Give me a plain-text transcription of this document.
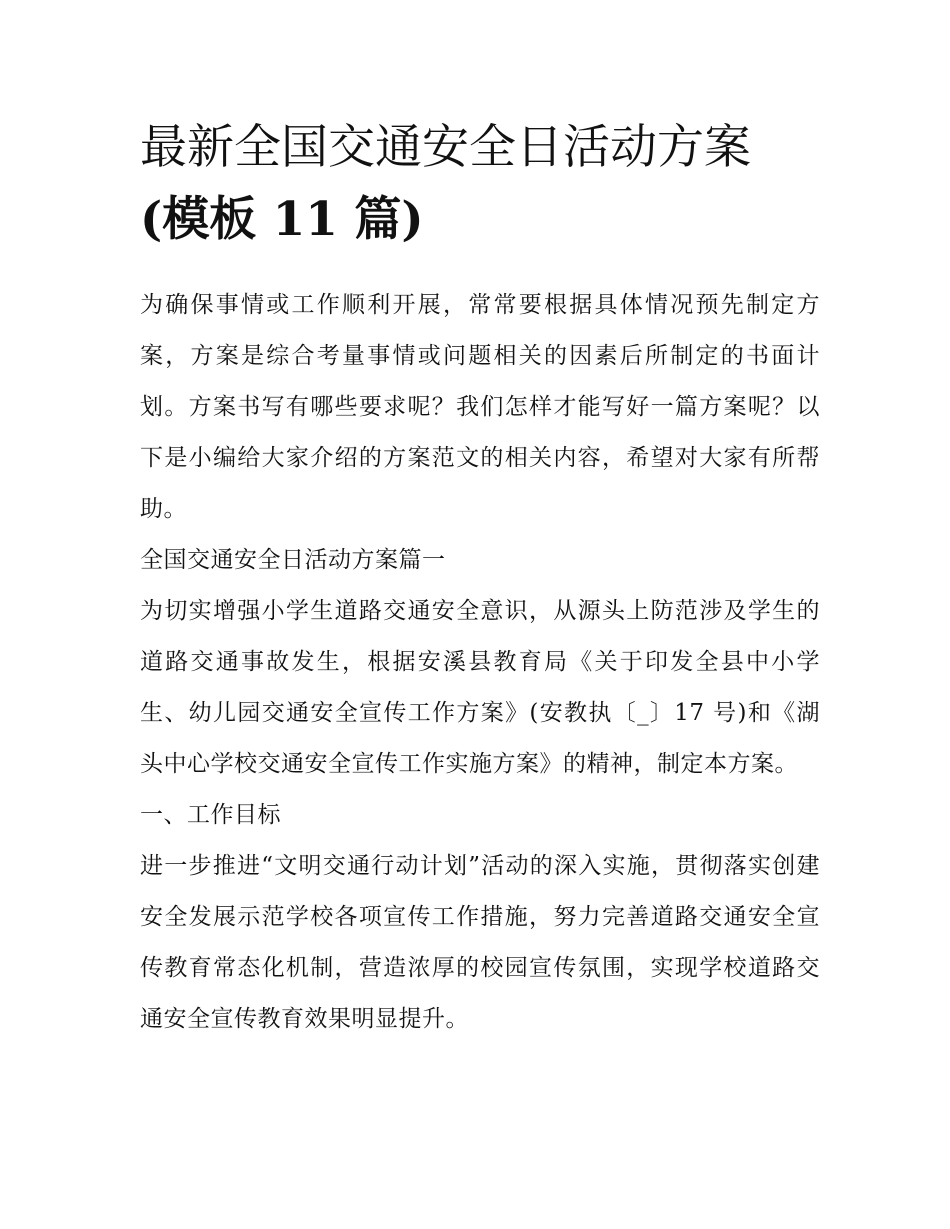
最新全国交通安全日活动方案
(模板 11 篇)

为确保事情或工作顺利开展，常常要根据具体情况预先制定方案，方案是综合考量事情或问题相关的因素后所制定的书面计划。方案书写有哪些要求呢？我们怎样才能写好一篇方案呢？以下是小编给大家介绍的方案范文的相关内容，希望对大家有所帮助。

全国交通安全日活动方案篇一

为切实增强小学生道路交通安全意识，从源头上防范涉及学生的道路交通事故发生，根据安溪县教育局《关于印发全县中小学生、幼儿园交通安全宣传工作方案》(安教执〔_〕17 号)和《湖头中心学校交通安全宣传工作实施方案》的精神，制定本方案。

一、工作目标

进一步推进“文明交通行动计划”活动的深入实施，贯彻落实创建安全发展示范学校各项宣传工作措施，努力完善道路交通安全宣传教育常态化机制，营造浓厚的校园宣传氛围，实现学校道路交通安全宣传教育效果明显提升。
